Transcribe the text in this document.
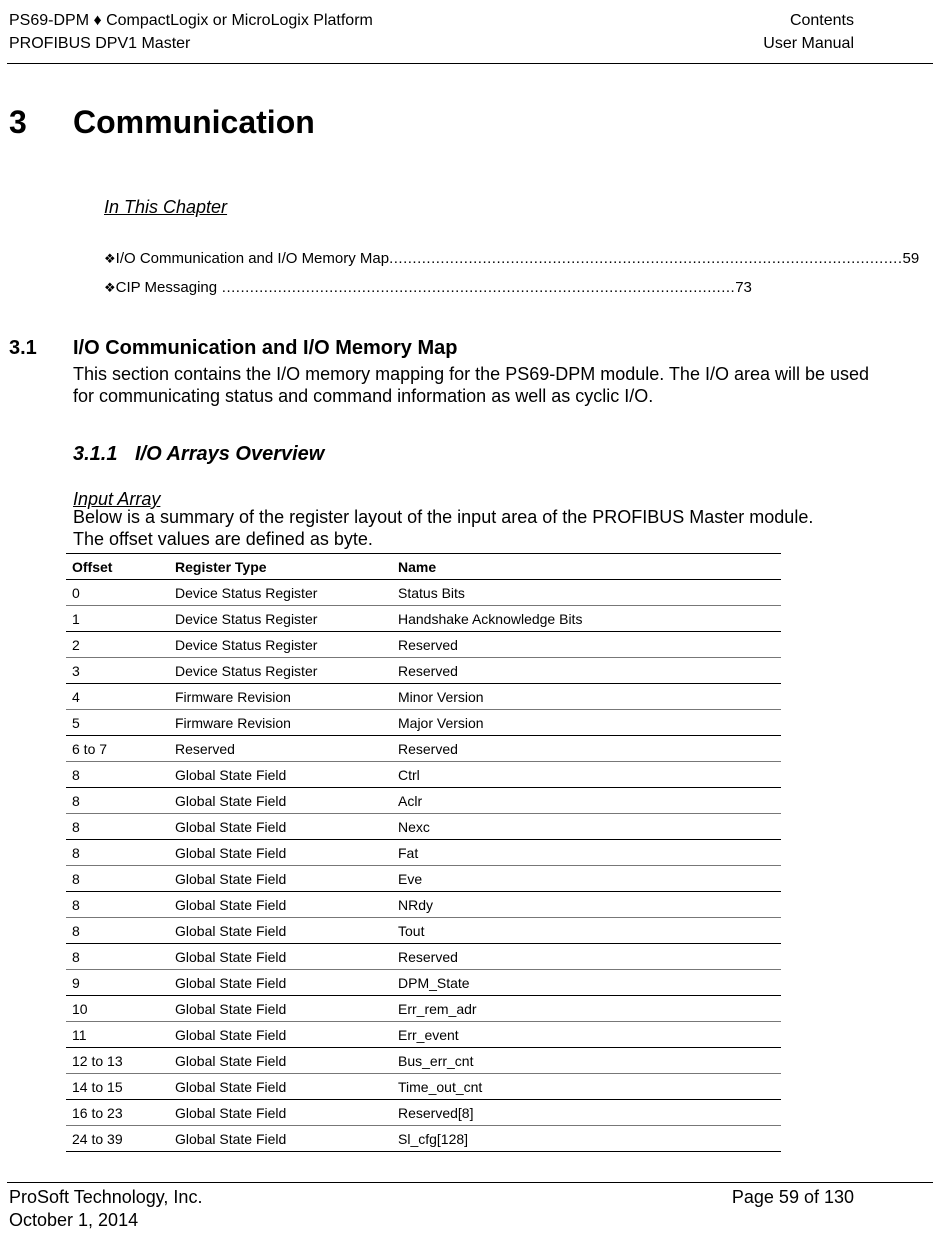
PS69-DPM ♦ CompactLogix or MicroLogix Platform
PROFIBUS DPV1 Master
Contents
User Manual
3 Communication
In This Chapter
❖ I/O Communication and I/O Memory Map .............................................................................................................. 59
❖ CIP Messaging .............................................................................................................. 73
3.1 I/O Communication and I/O Memory Map
This section contains the I/O memory mapping for the PS69-DPM module. The I/O area will be used for communicating status and command information as well as cyclic I/O.
3.1.1 I/O Arrays Overview
Input Array
Below is a summary of the register layout of the input area of the PROFIBUS Master module. The offset values are defined as byte.
Offset	Register Type	Name
0	Device Status Register	Status Bits
1	Device Status Register	Handshake Acknowledge Bits
2	Device Status Register	Reserved
3	Device Status Register	Reserved
4	Firmware Revision	Minor Version
5	Firmware Revision	Major Version
6 to 7	Reserved	Reserved
8	Global State Field	Ctrl
8	Global State Field	Aclr
8	Global State Field	Nexc
8	Global State Field	Fat
8	Global State Field	Eve
8	Global State Field	NRdy
8	Global State Field	Tout
8	Global State Field	Reserved
9	Global State Field	DPM_State
10	Global State Field	Err_rem_adr
11	Global State Field	Err_event
12 to 13	Global State Field	Bus_err_cnt
14 to 15	Global State Field	Time_out_cnt
16 to 23	Global State Field	Reserved[8]
24 to 39	Global State Field	Sl_cfg[128]
ProSoft Technology, Inc.
October 1, 2014
Page 59 of 130
